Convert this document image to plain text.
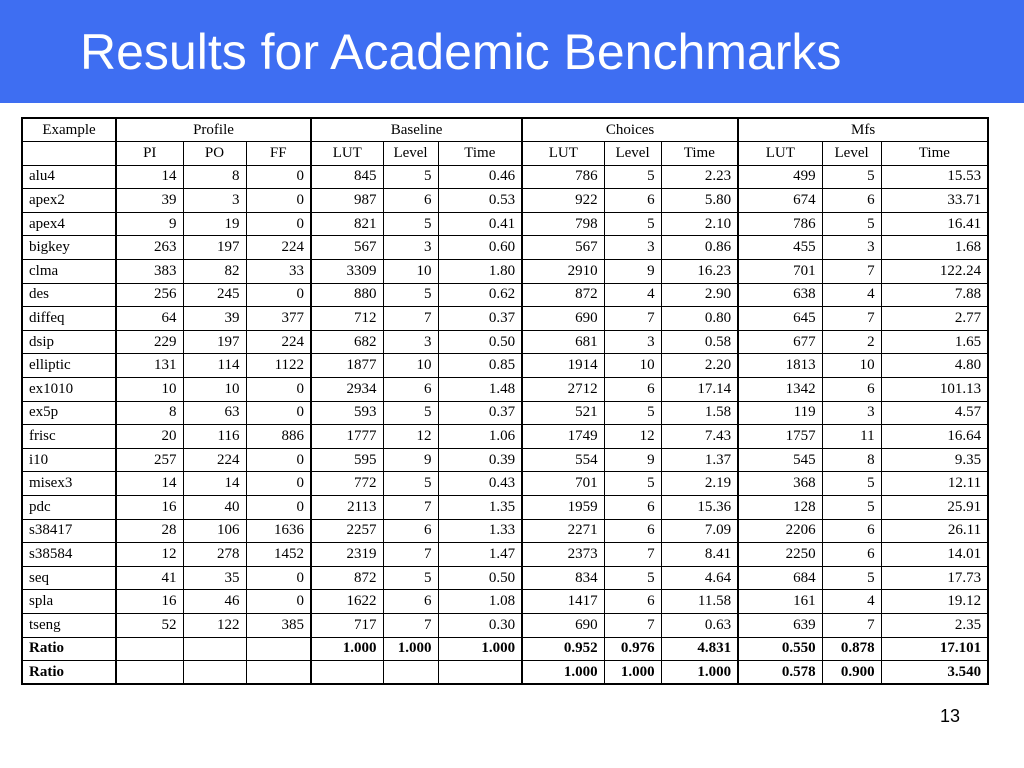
Results for Academic Benchmarks
Example	Profile			Baseline			Choices			Mfs		
	PI	PO	FF	LUT	Level	Time	LUT	Level	Time	LUT	Level	Time
alu4	14	8	0	845	5	0.46	786	5	2.23	499	5	15.53
apex2	39	3	0	987	6	0.53	922	6	5.80	674	6	33.71
apex4	9	19	0	821	5	0.41	798	5	2.10	786	5	16.41
bigkey	263	197	224	567	3	0.60	567	3	0.86	455	3	1.68
clma	383	82	33	3309	10	1.80	2910	9	16.23	701	7	122.24
des	256	245	0	880	5	0.62	872	4	2.90	638	4	7.88
diffeq	64	39	377	712	7	0.37	690	7	0.80	645	7	2.77
dsip	229	197	224	682	3	0.50	681	3	0.58	677	2	1.65
elliptic	131	114	1122	1877	10	0.85	1914	10	2.20	1813	10	4.80
ex1010	10	10	0	2934	6	1.48	2712	6	17.14	1342	6	101.13
ex5p	8	63	0	593	5	0.37	521	5	1.58	119	3	4.57
frisc	20	116	886	1777	12	1.06	1749	12	7.43	1757	11	16.64
i10	257	224	0	595	9	0.39	554	9	1.37	545	8	9.35
misex3	14	14	0	772	5	0.43	701	5	2.19	368	5	12.11
pdc	16	40	0	2113	7	1.35	1959	6	15.36	128	5	25.91
s38417	28	106	1636	2257	6	1.33	2271	6	7.09	2206	6	26.11
s38584	12	278	1452	2319	7	1.47	2373	7	8.41	2250	6	14.01
seq	41	35	0	872	5	0.50	834	5	4.64	684	5	17.73
spla	16	46	0	1622	6	1.08	1417	6	11.58	161	4	19.12
tseng	52	122	385	717	7	0.30	690	7	0.63	639	7	2.35
Ratio				1.000	1.000	1.000	0.952	0.976	4.831	0.550	0.878	17.101
Ratio							1.000	1.000	1.000	0.578	0.900	3.540
13
